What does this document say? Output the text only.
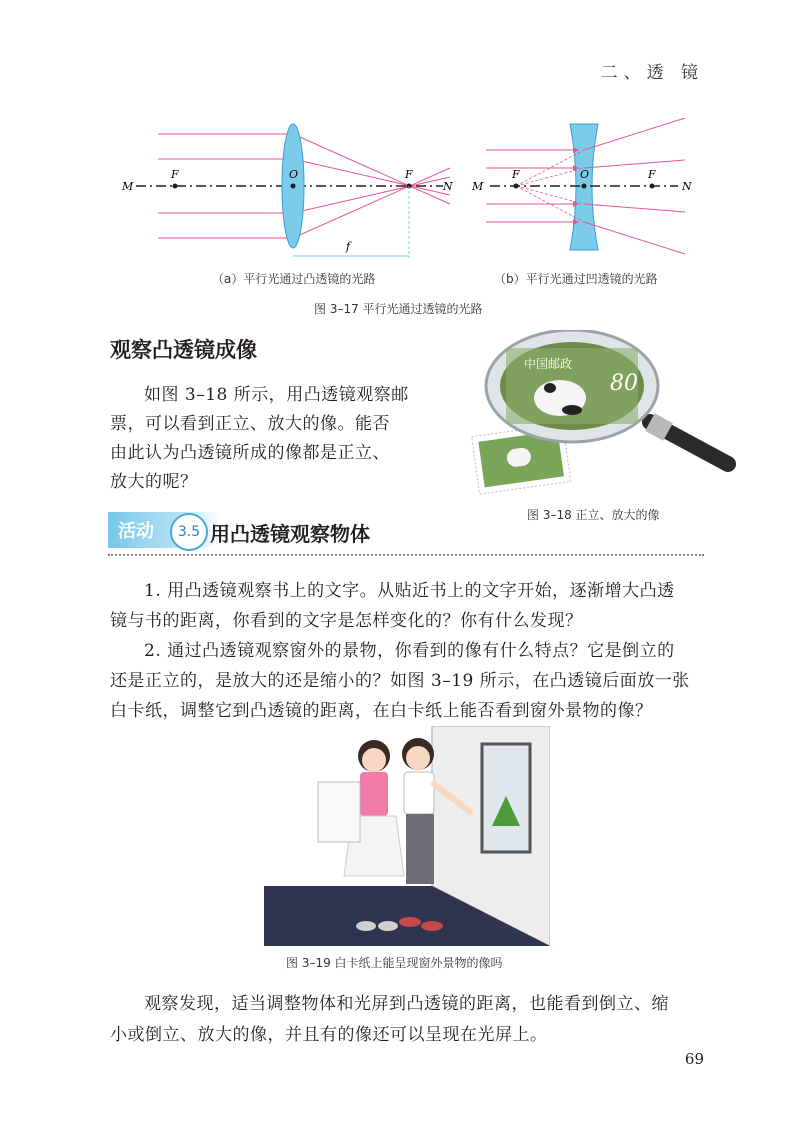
二、透 镜
M
F	O	F
N
f
M
F	O	F
N
（a）平行光通过凸透镜的光路	（b）平行光通过凹透镜的光路
图 3–17 平行光通过透镜的光路
观察凸透镜成像

如图 3–18 所示，用凸透镜观察邮

票，可以看到正立、放大的像。能否

由此认为凸透镜所成的像都是正立、

放大的呢？

中国邮政
80
图 3–18 正立、放大的像
活动	3.5 用凸透镜观察物体

1. 用凸透镜观察书上的文字。从贴近书上的文字开始，逐渐增大凸透

镜与书的距离，你看到的文字是怎样变化的？你有什么发现？

2. 通过凸透镜观察窗外的景物，你看到的像有什么特点？它是倒立的

还是正立的，是放大的还是缩小的？如图 3–19 所示，在凸透镜后面放一张

白卡纸，调整它到凸透镜的距离，在白卡纸上能否看到窗外景物的像？

图 3–19 白卡纸上能呈现窗外景物的像吗

观察发现，适当调整物体和光屏到凸透镜的距离，也能看到倒立、缩

小或倒立、放大的像，并且有的像还可以呈现在光屏上。

69
